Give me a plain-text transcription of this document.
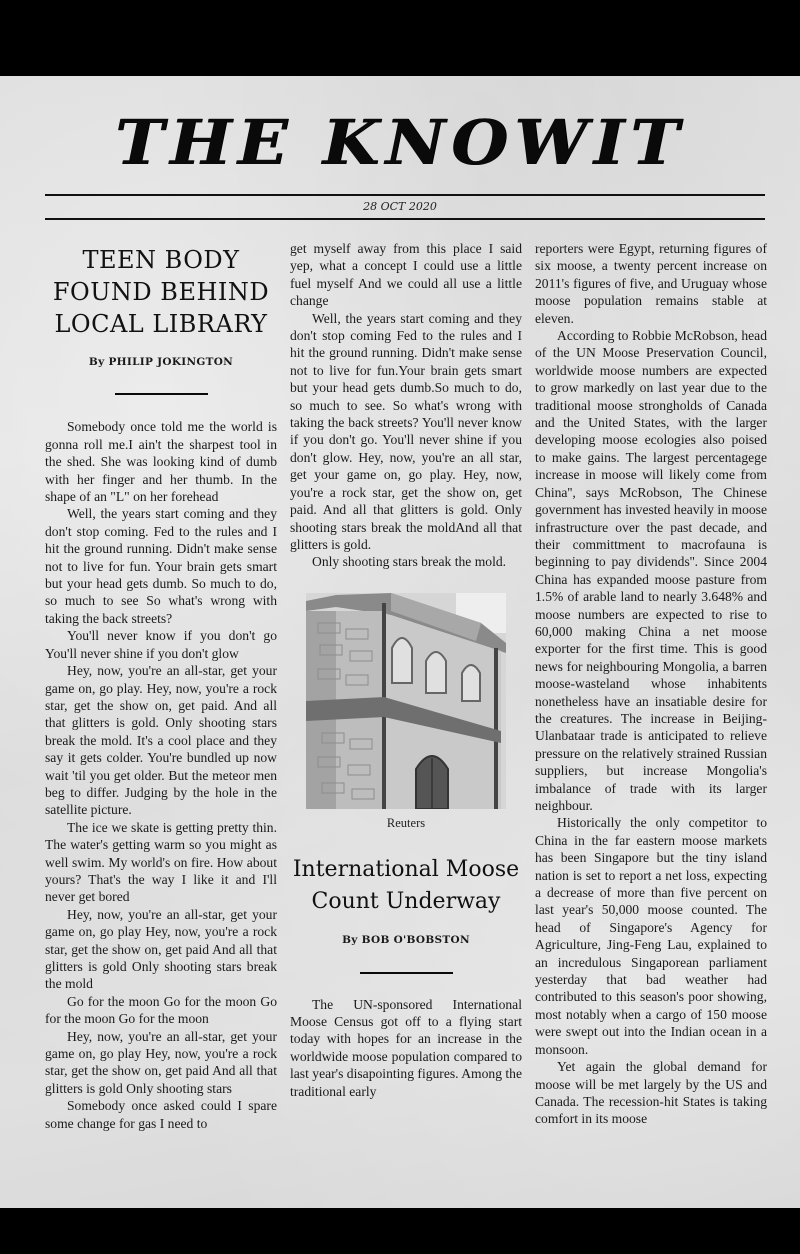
THE KNOWIT
28 OCT 2020
TEEN BODY FOUND BEHIND LOCAL LIBRARY
By PHILIP JOKINGTON

Somebody once told me the world is gonna roll me.I ain't the sharpest tool in the shed. She was looking kind of dumb with her finger and her thumb. In the shape of an "L" on her forehead

Well, the years start coming and they don't stop coming. Fed to the rules and I hit the ground running. Didn't make sense not to live for fun. Your brain gets smart but your head gets dumb. So much to do, so much to see So what's wrong with taking the back streets?

You'll never know if you don't go You'll never shine if you don't glow

Hey, now, you're an all-star, get your game on, go play. Hey, now, you're a rock star, get the show on, get paid. And all that glitters is gold. Only shooting stars break the mold. It's a cool place and they say it gets colder. You're bundled up now wait 'til you get older. But the meteor men beg to differ. Judging by the hole in the satellite picture.

The ice we skate is getting pretty thin. The water's getting warm so you might as well swim. My world's on fire. How about yours? That's the way I like it and I'll never get bored

Hey, now, you're an all-star, get your game on, go play Hey, now, you're a rock star, get the show on, get paid And all that glitters is gold Only shooting stars break the mold

Go for the moon Go for the moon Go for the moon Go for the moon

Hey, now, you're an all-star, get your game on, go play Hey, now, you're a rock star, get the show on, get paid And all that glitters is gold Only shooting stars

Somebody once asked could I spare some change for gas I need to

get myself away from this place I said yep, what a concept I could use a little fuel myself And we could all use a little change

Well, the years start coming and they don't stop coming Fed to the rules and I hit the ground running. Didn't make sense not to live for fun.Your brain gets smart but your head gets dumb.So much to do, so much to see. So what's wrong with taking the back streets? You'll never know if you don't go. You'll never shine if you don't glow. Hey, now, you're an all star, get your game on, go play. Hey, now, you're a rock star, get the show on, get paid. And all that glitters is gold. Only shooting stars break the moldAnd all that glitters is gold.

Only shooting stars break the mold.

Reuters
International Moose Count Underway
By BOB O'BOBSTON

The UN-sponsored International Moose Census got off to a flying start today with hopes for an increase in the worldwide moose population compared to last year's disapointing figures. Among the traditional early

reporters were Egypt, returning figures of six moose, a twenty percent increase on 2011's figures of five, and Uruguay whose moose population remains stable at eleven.

According to Robbie McRobson, head of the UN Moose Preservation Council, worldwide moose numbers are expected to grow markedly on last year due to the traditional moose strongholds of Canada and the United States, with the larger developing moose ecologies also poised to make gains. The largest percentagege increase in moose will likely come from China'', says McRobson, The Chinese government has invested heavily in moose infrastructure over the past decade, and their committment to macrofauna is beginning to pay dividends''. Since 2004 China has expanded moose pasture from 1.5% of arable land to nearly 3.648% and moose numbers are expected to rise to 60,000 making China a net moose exporter for the first time. This is good news for neighbouring Mongolia, a barren moose-wasteland whose inhabitents nonetheless have an insatiable desire for the creatures. The increase in Beijing-Ulanbataar trade is anticipated to relieve pressure on the relatively strained Russian suppliers, but increase Mongolia's imbalance of trade with its larger neighbour.

Historically the only competitor to China in the far eastern moose markets has been Singapore but the tiny island nation is set to report a net loss, expecting a decrease of more than five percent on last year's 50,000 moose counted. The head of Singapore's Agency for Agriculture, Jing-Feng Lau, explained to an incredulous Singaporean parliament yesterday that bad weather had contributed to this season's poor showing, most notably when a cargo of 150 moose were swept out into the Indian ocean in a monsoon.

Yet again the global demand for moose will be met largely by the US and Canada. The recession-hit States is taking comfort in its moose
